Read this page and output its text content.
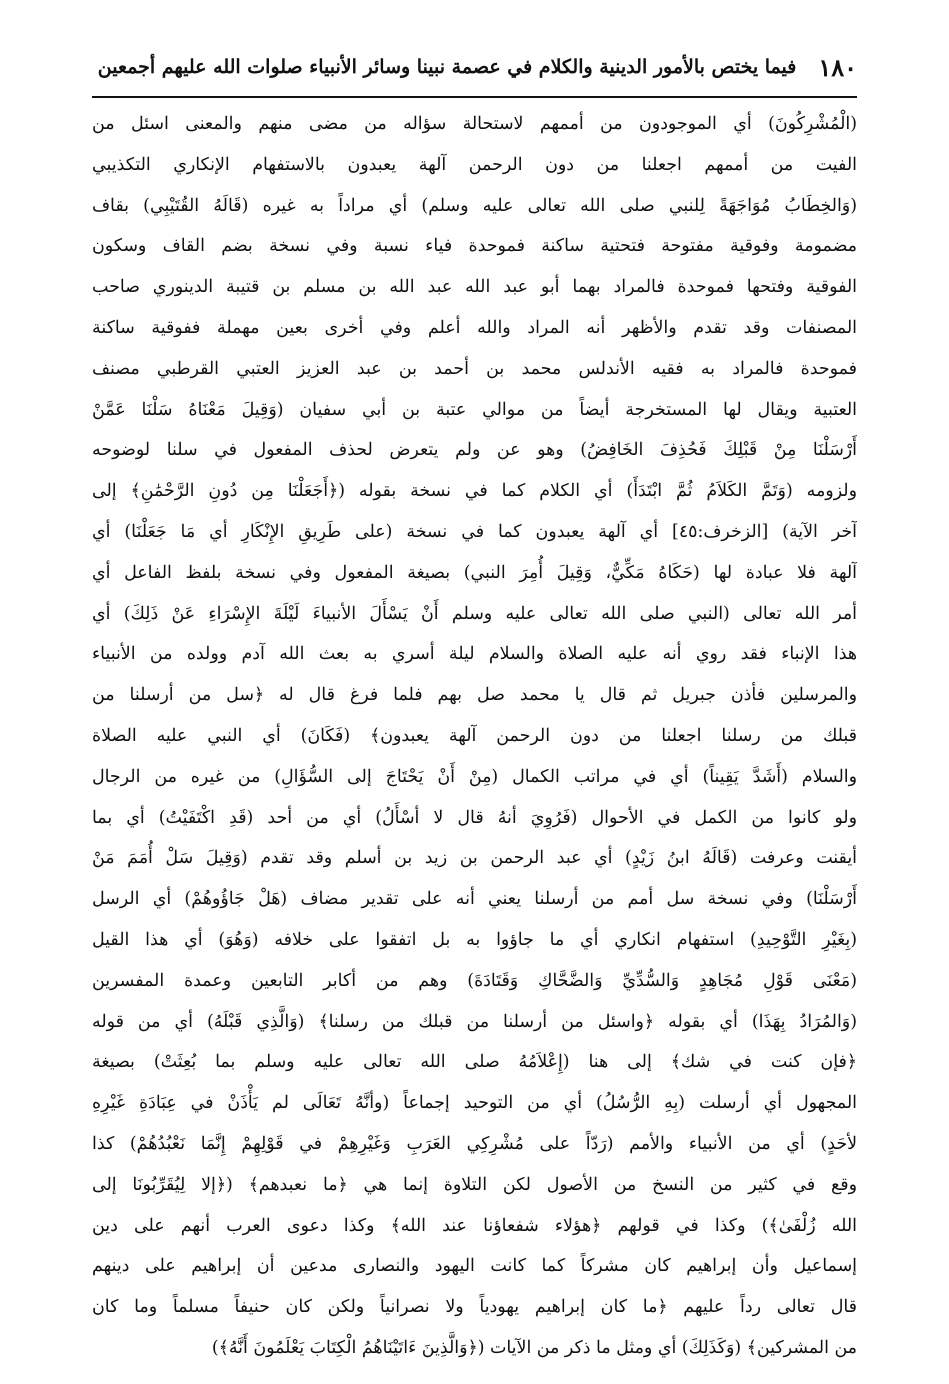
١٨٠
فيما يختص بالأمور الدينية والكلام في عصمة نبينا وسائر الأنبياء صلوات الله عليهم أجمعين
(الْمُشْرِكُونَ) أي الموجودون من أممهم لاستحالة سؤاله من مضى منهم والمعنى اسئل من
الفيت من أممهم اجعلنا من دون الرحمن آلهة يعبدون بالاستفهام الإنكاري التكذيبي
(وَالخِطَابُ مُوَاجَهَةً لِلنبي صلى الله تعالى عليه وسلم) أي مراداً به غيره (قَالَهُ القُتَيْبِي) بقاف
مضمومة وفوقية مفتوحة فتحتية ساكنة فموحدة فياء نسبة وفي نسخة بضم القاف وسكون
الفوقية وفتحها فموحدة فالمراد بهما أبو عبد الله عبد الله بن مسلم بن قتيبة الدينوري صاحب
المصنفات وقد تقدم والأظهر أنه المراد والله أعلم وفي أخرى بعين مهملة ففوقية ساكنة
فموحدة فالمراد به فقيه الأندلس محمد بن أحمد بن عبد العزيز العتبي القرطبي مصنف
العتبية ويقال لها المستخرجة أيضاً من موالي عتبة بن أبي سفيان (وَقِيلَ مَعْنَاهُ سَلْنَا عَمَّنْ
أَرْسَلْنَا مِنْ قَبْلِكَ فَحُذِفَ الخَافِضُ) وهو عن ولم يتعرض لحذف المفعول في سلنا لوضوحه
ولزومه (وَتَمَّ الكَلاَمُ ثُمَّ ابْتَدَأَ) أي الكلام كما في نسخة بقوله (﴿أَجَعَلْنَا مِن دُونِ الرَّحْمَٰنِ﴾ إلى
آخر الآية) [الزخرف:٤٥] أي آلهة يعبدون كما في نسخة (على طَرِيقِ الإِنْكَارِ أي مَا جَعَلْنَا) أي
آلهة فلا عبادة لها (حَكَاهُ مَكِّيٌّ، وَقِيلَ أُمِرَ النبي) بصيغة المفعول وفي نسخة بلفظ الفاعل أي
أمر الله تعالى (النبي صلى الله تعالى عليه وسلم أَنْ يَسْأَلَ الأنبياءَ لَيْلَةَ الإِسْرَاءِ عَنْ ذَلِكَ) أي
هذا الإنباء فقد روي أنه عليه الصلاة والسلام ليلة أسري به بعث الله آدم وولده من الأنبياء
والمرسلين فأذن جبريل ثم قال يا محمد صل بهم فلما فرغ قال له ﴿سل من أرسلنا من
قبلك من رسلنا اجعلنا من دون الرحمن آلهة يعبدون﴾ (فَكَانَ) أي النبي عليه الصلاة
والسلام (أَشَدَّ يَقِيناً) أي في مراتب الكمال (مِنْ أَنْ يَحْتَاجَ إلى السُّؤَالِ) من غيره من الرجال
ولو كانوا من الكمل في الأحوال (فَرُوِيَ أنهُ قال لا أسْأَلُ) أي من أحد (قَدِ اكْتَفَيْتُ) أي بما
أيقنت وعرفت (قَالَهُ ابنُ زَيْدٍ) أي عبد الرحمن بن زيد بن أسلم وقد تقدم (وَقِيلَ سَلْ أُمَمَ مَنْ
أَرْسَلْنَا) وفي نسخة سل أمم من أرسلنا يعني أنه على تقدير مضاف (هَلْ جَاؤُوهُمْ) أي الرسل
(بِغَيْرِ التَّوْحِيدِ) استفهام انكاري أي ما جاؤوا به بل اتفقوا على خلافه (وَهُوَ) أي هذا القيل
(مَعْنَى قَوْلِ مُجَاهِدٍ وَالسُّدِّيِّ وَالضَّحَّاكِ وَقَتَادَةَ) وهم من أكابر التابعين وعمدة المفسرين
(وَالمُرَادُ بِهَذَا) أي بقوله ﴿واسئل من أرسلنا من قبلك من رسلنا﴾ (وَالَّذِي قَبْلَهُ) أي من قوله
﴿فإن كنت في شك﴾ إلى هنا (إِعْلاَمُهُ صلى الله تعالى عليه وسلم بما بُعِثَتْ) بصيغة
المجهول أي أرسلت (بِهِ الرُّسُلُ) أي من التوحيد إجماعاً (وأنَّهُ تَعَالَى لم يَأْذَنْ في عِبَادَةِ غَيْرِهِ
لأحَدٍ) أي من الأنبياء والأمم (رَدّاً على مُشْرِكِي العَرَبِ وَغَيْرِهِمْ في قَوْلِهِمْ إِنَّمَا نَعْبُدُهُمْ) كذا
وقع في كثير من النسخ من الأصول لكن التلاوة إنما هي ﴿ما نعبدهم﴾ (﴿إلا لِيُقَرِّبُونَا إلى
الله زُلْفَىٰ﴾) وكذا في قولهم ﴿هؤلاء شفعاؤنا عند الله﴾ وكذا دعوى العرب أنهم على دين
إسماعيل وأن إبراهيم كان مشركاً كما كانت اليهود والنصارى مدعين أن إبراهيم على دينهم
قال تعالى رداً عليهم ﴿ما كان إبراهيم يهودياً ولا نصرانياً ولكن كان حنيفاً مسلماً وما كان
من المشركين﴾ (وَكَذَلِكَ) أي ومثل ما ذكر من الآيات (﴿وَالَّذِينَ ءَاتَيْنَاهُمُ الْكِتَابَ يَعْلَمُونَ أَنَّهُ﴾)
